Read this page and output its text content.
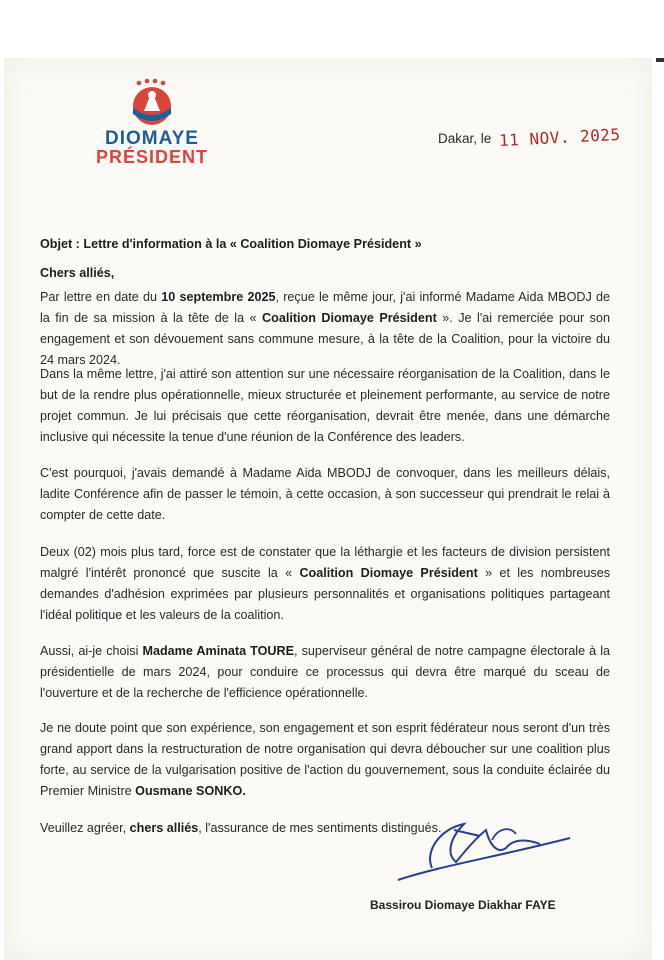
DIOMAYE
PRÉSIDENT
Dakar, le 11 NOV. 2025

Objet : Lettre d'information à la « Coalition Diomaye Président »

Chers alliés,

Par lettre en date du 10 septembre 2025, reçue le même jour, j'ai informé Madame Aida MBODJ de la fin de sa mission à la tête de la « Coalition Diomaye Président ». Je l'ai remerciée pour son engagement et son dévouement sans commune mesure, à la tête de la Coalition, pour la victoire du 24 mars 2024.

Dans la même lettre, j'ai attiré son attention sur une nécessaire réorganisation de la Coalition, dans le but de la rendre plus opérationnelle, mieux structurée et pleinement performante, au service de notre projet commun. Je lui précisais que cette réorganisation, devrait être menée, dans une démarche inclusive qui nécessite la tenue d'une réunion de la Conférence des leaders.

C'est pourquoi, j'avais demandé à Madame Aida MBODJ de convoquer, dans les meilleurs délais, ladite Conférence afin de passer le témoin, à cette occasion, à son successeur qui prendrait le relai à compter de cette date.

Deux (02) mois plus tard, force est de constater que la léthargie et les facteurs de division persistent malgré l'intérêt prononcé que suscite la « Coalition Diomaye Président » et les nombreuses demandes d'adhésion exprimées par plusieurs personnalités et organisations politiques partageant l'idéal politique et les valeurs de la coalition.

Aussi, ai-je choisi Madame Aminata TOURE, superviseur général de notre campagne électorale à la présidentielle de mars 2024, pour conduire ce processus qui devra être marqué du sceau de l'ouverture et de la recherche de l'efficience opérationnelle.

Je ne doute point que son expérience, son engagement et son esprit fédérateur nous seront d'un très grand apport dans la restructuration de notre organisation qui devra déboucher sur une coalition plus forte, au service de la vulgarisation positive de l'action du gouvernement, sous la conduite éclairée du Premier Ministre Ousmane SONKO.

Veuillez agréer, chers alliés, l'assurance de mes sentiments distingués.

Bassirou Diomaye Diakhar FAYE
